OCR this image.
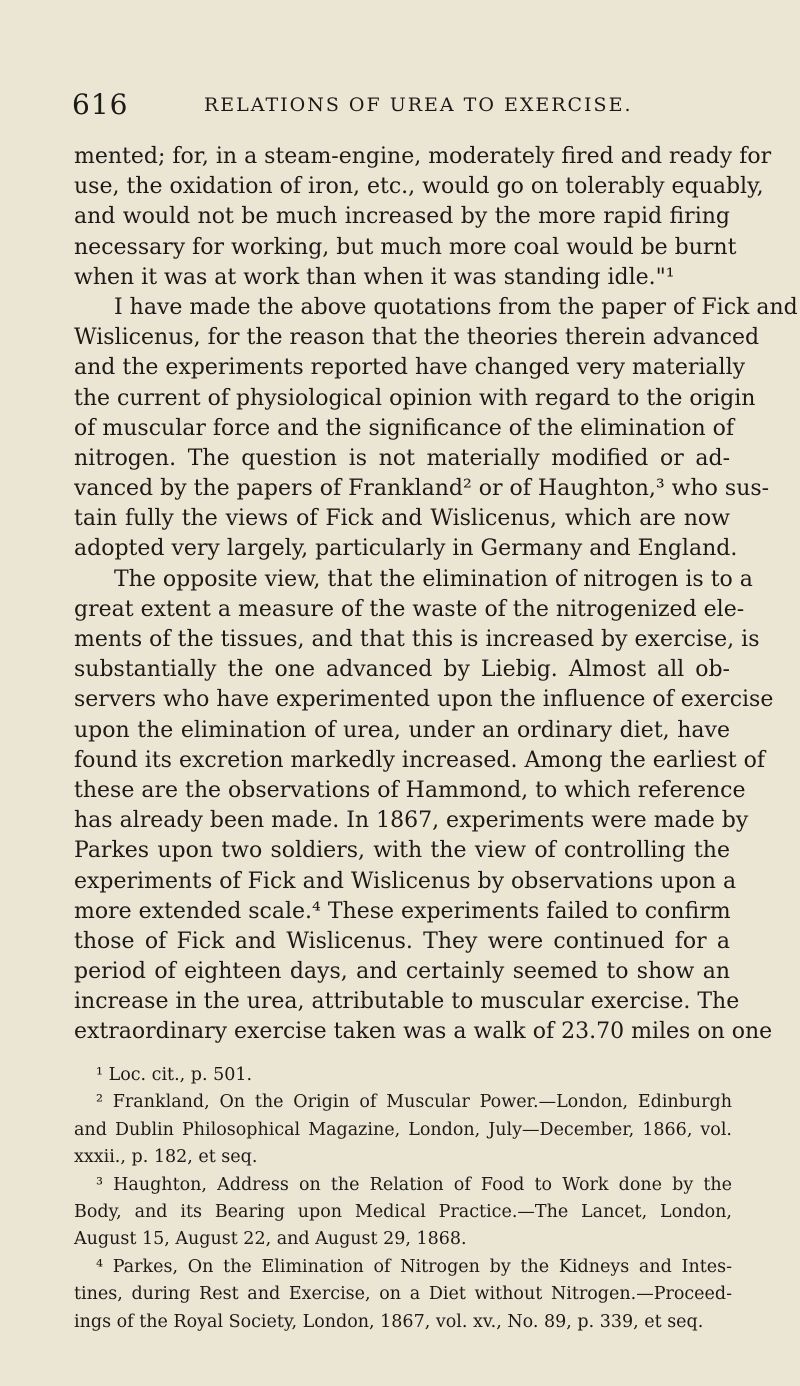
616	RELATIONS OF UREA TO EXERCISE.
mented; for, in a steam-engine, moderately fired and ready for
use, the oxidation of iron, etc., would go on tolerably equably,
and would not be much increased by the more rapid firing
necessary for working, but much more coal would be burnt
when it was at work than when it was standing idle."¹
I have made the above quotations from the paper of Fick and
Wislicenus, for the reason that the theories therein advanced
and the experiments reported have changed very materially
the current of physiological opinion with regard to the origin
of muscular force and the significance of the elimination of
nitrogen. The question is not materially modified or ad-
vanced by the papers of Frankland² or of Haughton,³ who sus-
tain fully the views of Fick and Wislicenus, which are now
adopted very largely, particularly in Germany and England.
The opposite view, that the elimination of nitrogen is to a
great extent a measure of the waste of the nitrogenized ele-
ments of the tissues, and that this is increased by exercise, is
substantially the one advanced by Liebig. Almost all ob-
servers who have experimented upon the influence of exercise
upon the elimination of urea, under an ordinary diet, have
found its excretion markedly increased. Among the earliest of
these are the observations of Hammond, to which reference
has already been made. In 1867, experiments were made by
Parkes upon two soldiers, with the view of controlling the
experiments of Fick and Wislicenus by observations upon a
more extended scale.⁴ These experiments failed to confirm
those of Fick and Wislicenus. They were continued for a
period of eighteen days, and certainly seemed to show an
increase in the urea, attributable to muscular exercise. The
extraordinary exercise taken was a walk of 23.70 miles on one
¹ Loc. cit., p. 501.
² Frankland, On the Origin of Muscular Power.—London, Edinburgh
and Dublin Philosophical Magazine, London, July—December, 1866, vol.
xxxii., p. 182, et seq.
³ Haughton, Address on the Relation of Food to Work done by the
Body, and its Bearing upon Medical Practice.—The Lancet, London,
August 15, August 22, and August 29, 1868.
⁴ Parkes, On the Elimination of Nitrogen by the Kidneys and Intes-
tines, during Rest and Exercise, on a Diet without Nitrogen.—Proceed-
ings of the Royal Society, London, 1867, vol. xv., No. 89, p. 339, et seq.
